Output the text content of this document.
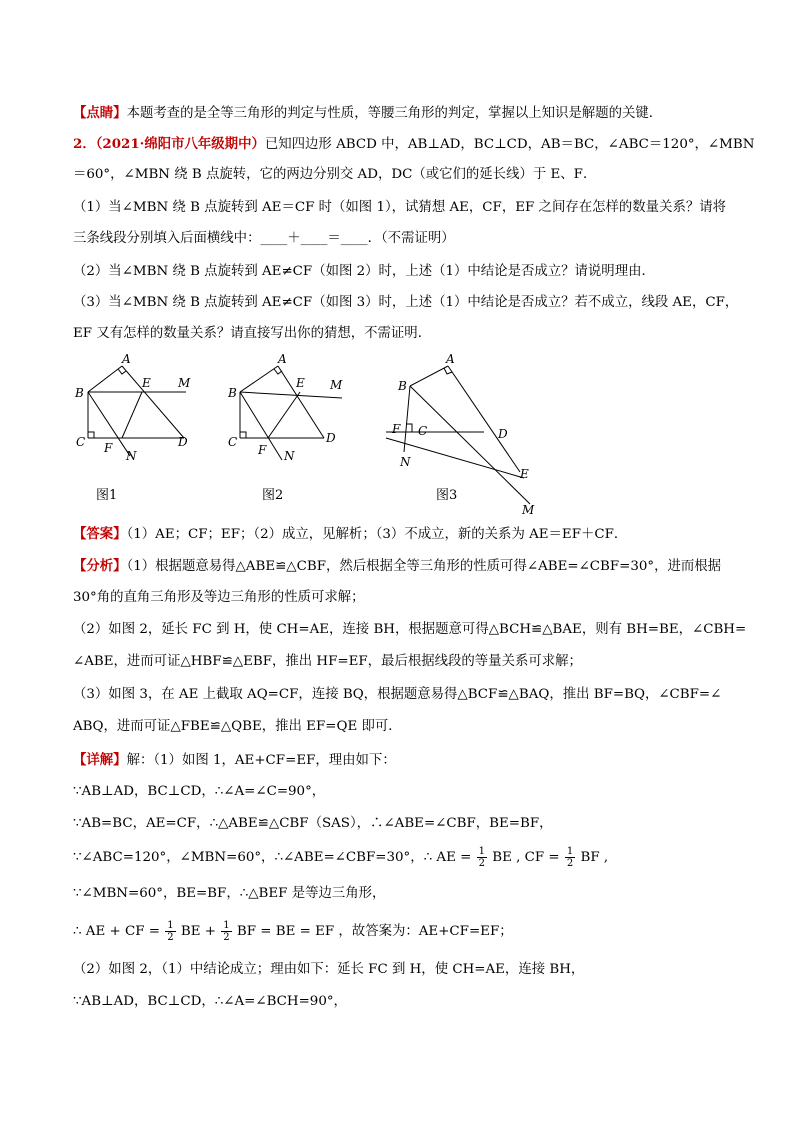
【点睛】本题考查的是全等三角形的判定与性质，等腰三角形的判定，掌握以上知识是解题的关键．
2．（2021·绵阳市八年级期中）已知四边形 ABCD 中，AB⊥AD，BC⊥CD，AB＝BC，∠ABC＝120°，∠MBN
＝60°，∠MBN 绕 B 点旋转，它的两边分别交 AD，DC（或它们的延长线）于 E、F．
（1）当∠MBN 绕 B 点旋转到 AE＝CF 时（如图 1），试猜想 AE，CF，EF 之间存在怎样的数量关系？请将
三条线段分别填入后面横线中：____＋____＝____．（不需证明）
（2）当∠MBN 绕 B 点旋转到 AE≠CF（如图 2）时，上述（1）中结论是否成立？请说明理由．
（3）当∠MBN 绕 B 点旋转到 AE≠CF（如图 3）时，上述（1）中结论是否成立？若不成立，线段 AE，CF，
EF 又有怎样的数量关系？请直接写出你的猜想，不需证明．
A
B
E M
C F	D
N
图1
A
B
E M
C
F
D
N
图2
A
B
F C	D
N
E
M
图3
【答案】（1）AE；CF；EF；（2）成立，见解析；（3）不成立，新的关系为 AE＝EF＋CF．
【分析】（1）根据题意易得△ABE≌△CBF，然后根据全等三角形的性质可得∠ABE=∠CBF=30°，进而根据
30°角的直角三角形及等边三角形的性质可求解；
（2）如图 2，延长 FC 到 H，使 CH=AE，连接 BH，根据题意可得△BCH≌△BAE，则有 BH=BE，∠CBH=
∠ABE，进而可证△HBF≌△EBF，推出 HF=EF，最后根据线段的等量关系可求解；
（3）如图 3，在 AE 上截取 AQ=CF，连接 BQ，根据题意易得△BCF≌△BAQ，推出 BF=BQ，∠CBF=∠
ABQ，进而可证△FBE≌△QBE，推出 EF=QE 即可．
【详解】解：（1）如图 1，AE+CF=EF，理由如下：
∵AB⊥AD，BC⊥CD，∴∠A=∠C=90°，
∵AB=BC，AE=CF，∴△ABE≌△CBF（SAS），∴∠ABE=∠CBF，BE=BF，
∵∠ABC=120°，∠MBN=60°，∴∠ABE=∠CBF=30°，∴ AE = $\frac{1}{2}$ BE , CF = $\frac{1}{2}$ BF ,
∵∠MBN=60°，BE=BF，∴△BEF 是等边三角形，
∴ AE + CF = $\frac{1}{2}$ BE + $\frac{1}{2}$ BF = BE = EF ，故答案为：AE+CF=EF；
（2）如图 2，（1）中结论成立；理由如下：延长 FC 到 H，使 CH=AE，连接 BH，
∵AB⊥AD，BC⊥CD，∴∠A=∠BCH=90°，
